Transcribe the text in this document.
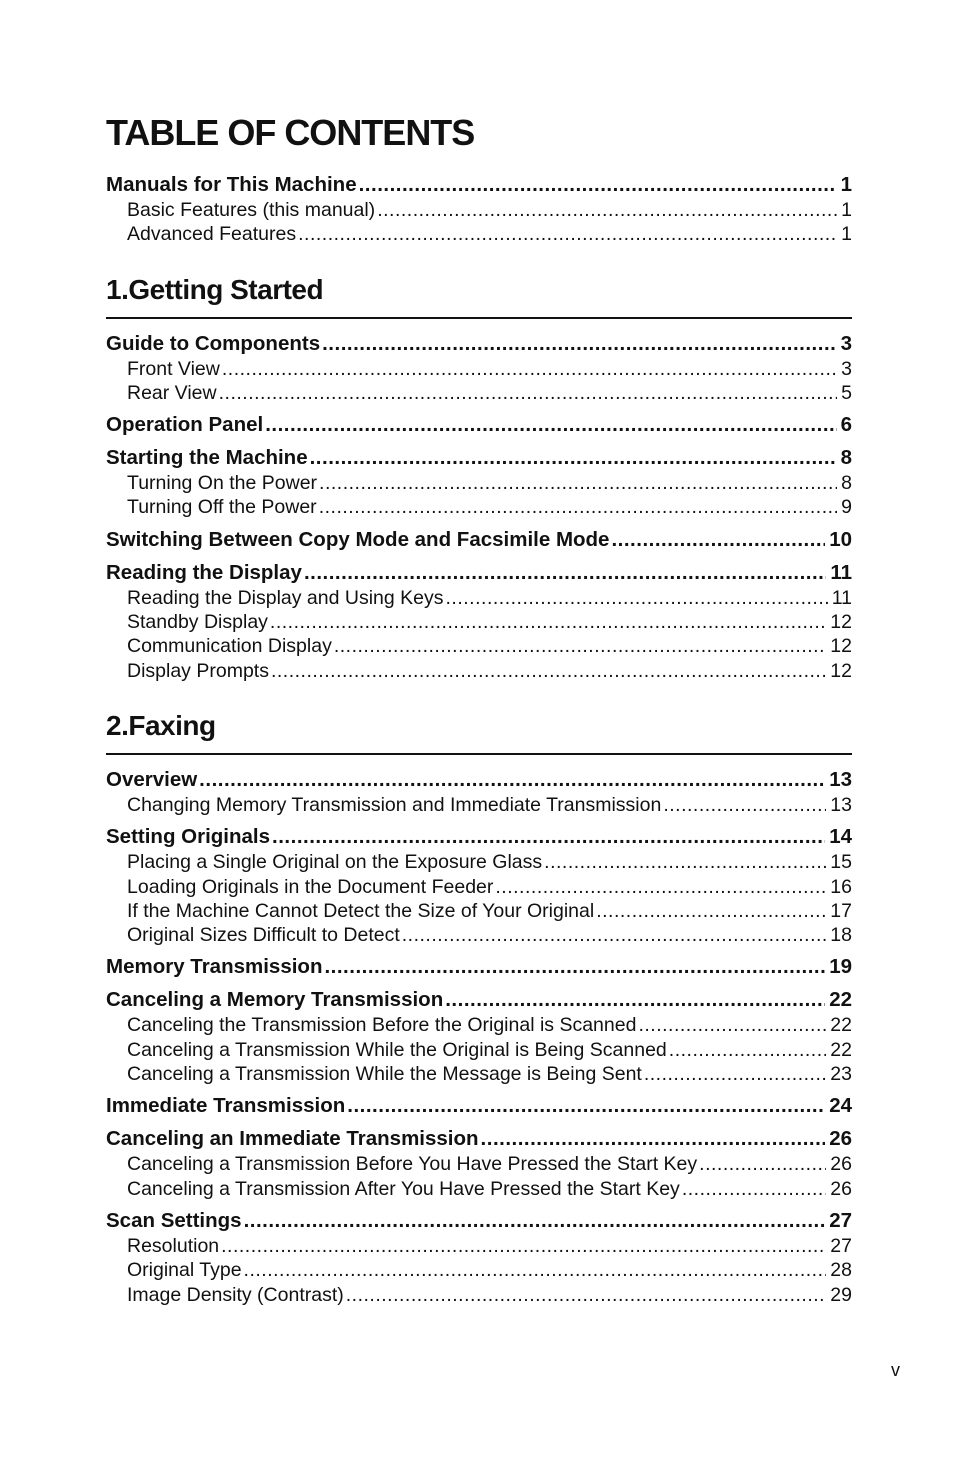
TABLE OF CONTENTS
Manuals for This Machine .....	1
Basic Features (this manual) .....	1
Advanced Features .....	1
1.Getting Started
Guide to Components .....	3
Front View .....	3
Rear View .....	5
Operation Panel .....	6
Starting the Machine .....	8
Turning On the Power .....	8
Turning Off the Power .....	9
Switching Between Copy Mode and Facsimile Mode .....	10
Reading the Display .....	11
Reading the Display and Using Keys .....	11
Standby Display .....	12
Communication Display .....	12
Display Prompts .....	12
2.Faxing
Overview .....	13
Changing Memory Transmission and Immediate Transmission .....	13
Setting Originals .....	14
Placing a Single Original on the Exposure Glass .....	15
Loading Originals in the Document Feeder .....	16
If the Machine Cannot Detect the Size of Your Original .....	17
Original Sizes Difficult to Detect .....	18
Memory Transmission .....	19
Canceling a Memory Transmission .....	22
Canceling the Transmission Before the Original is Scanned .....	22
Canceling a Transmission While the Original is Being Scanned .....	22
Canceling a Transmission While the Message is Being Sent .....	23
Immediate Transmission .....	24
Canceling an Immediate Transmission .....	26
Canceling a Transmission Before You Have Pressed the Start Key .....	26
Canceling a Transmission After You Have Pressed the Start Key .....	26
Scan Settings .....	27
Resolution .....	27
Original Type .....	28
Image Density (Contrast) .....	29
v
